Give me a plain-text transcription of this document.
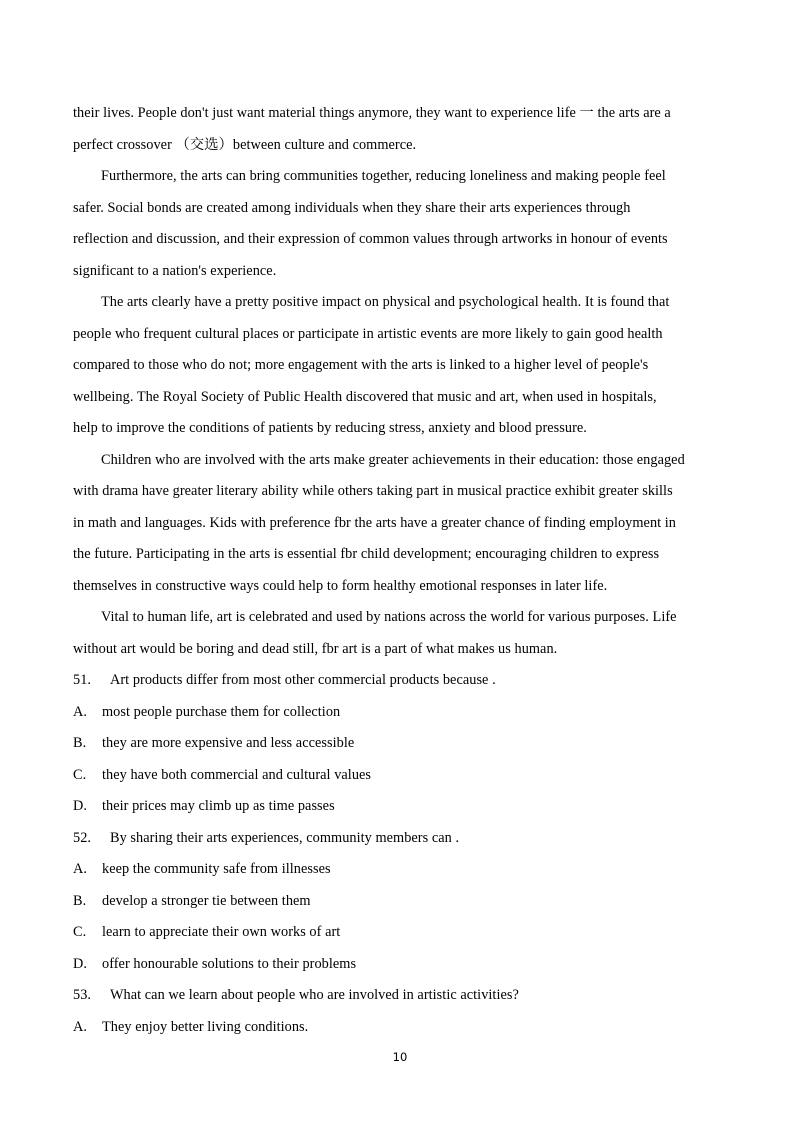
their lives. People don't just want material things anymore, they want to experience life 一 the arts are a
perfect crossover （交选）between culture and commerce.
Furthermore, the arts can bring communities together, reducing loneliness and making people feel
safer. Social bonds are created among individuals when they share their arts experiences through
reflection and discussion, and their expression of common values through artworks in honour of events
significant to a nation's experience.
The arts clearly have a pretty positive impact on physical and psychological health. It is found that
people who frequent cultural places or participate in artistic events are more likely to gain good health
compared to those who do not; more engagement with the arts is linked to a higher level of people's
wellbeing. The Royal Society of Public Health discovered that music and art, when used in hospitals,
help to improve the conditions of patients by reducing stress, anxiety and blood pressure.
Children who are involved with the arts make greater achievements in their education: those engaged
with drama have greater literary ability while others taking part in musical practice exhibit greater skills
in math and languages. Kids with preference fbr the arts have a greater chance of finding employment in
the future. Participating in the arts is essential fbr child development; encouraging children to express
themselves in constructive ways could help to form healthy emotional responses in later life.
Vital to human life, art is celebrated and used by nations across the world for various purposes. Life
without art would be boring and dead still, fbr art is a part of what makes us human.
51.	Art products differ from most other commercial products because .
A.	most people purchase them for collection
B.	they are more expensive and less accessible
C.	they have both commercial and cultural values
D.	their prices may climb up as time passes
52.	By sharing their arts experiences, community members can .
A.	keep the community safe from illnesses
B.	develop a stronger tie between them
C.	learn to appreciate their own works of art
D.	offer honourable solutions to their problems
53.	What can we learn about people who are involved in artistic activities?
A.	They enjoy better living conditions.
10
